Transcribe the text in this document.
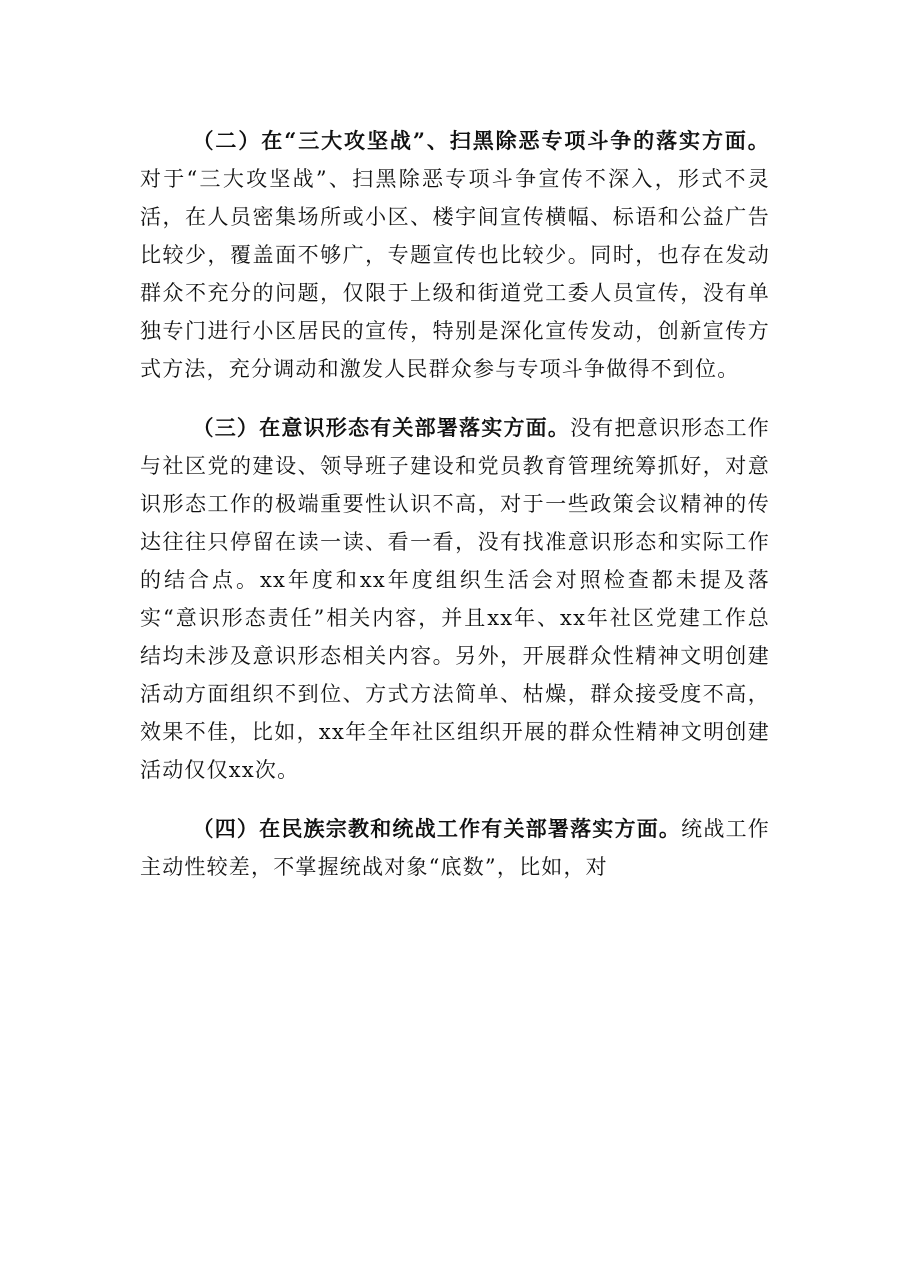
（二）在“三大攻坚战”、扫黑除恶专项斗争的落实方面。对于“三大攻坚战”、扫黑除恶专项斗争宣传不深入，形式不灵活，在人员密集场所或小区、楼宇间宣传横幅、标语和公益广告比较少，覆盖面不够广，专题宣传也比较少。同时，也存在发动群众不充分的问题，仅限于上级和街道党工委人员宣传，没有单独专门进行小区居民的宣传，特别是深化宣传发动，创新宣传方式方法，充分调动和激发人民群众参与专项斗争做得不到位。

（三）在意识形态有关部署落实方面。没有把意识形态工作与社区党的建设、领导班子建设和党员教育管理统筹抓好，对意识形态工作的极端重要性认识不高，对于一些政策会议精神的传达往往只停留在读一读、看一看，没有找准意识形态和实际工作的结合点。xx年度和xx年度组织生活会对照检查都未提及落实“意识形态责任”相关内容，并且xx年、xx年社区党建工作总结均未涉及意识形态相关内容。另外，开展群众性精神文明创建活动方面组织不到位、方式方法简单、枯燥，群众接受度不高，效果不佳，比如，xx年全年社区组织开展的群众性精神文明创建活动仅仅xx次。

（四）在民族宗教和统战工作有关部署落实方面。统战工作主动性较差，不掌握统战对象“底数”，比如，对
